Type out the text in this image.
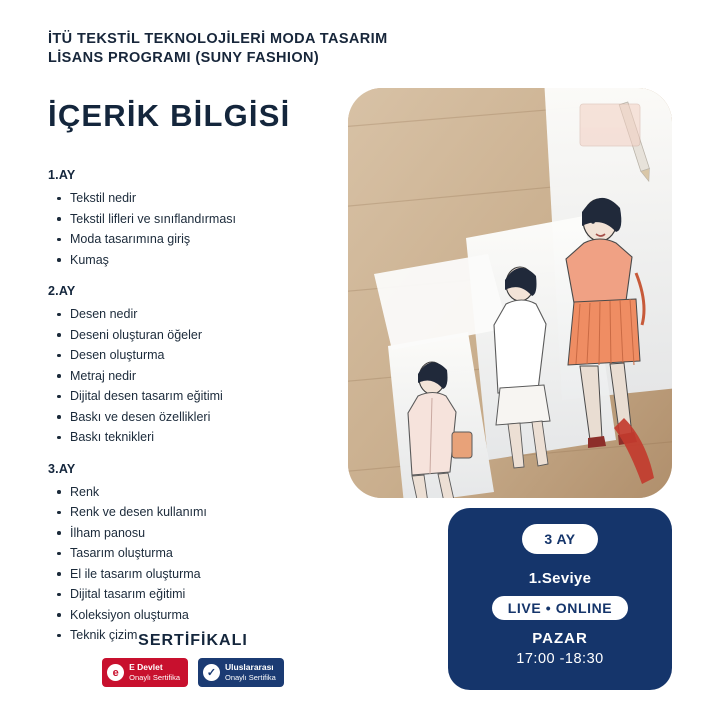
İTÜ TEKSTİL TEKNOLOJİLERİ MODA TASARIM
LİSANS PROGRAMI (SUNY FASHION)
İÇERİK BİLGİSİ
1.AY
Tekstil nedir
Tekstil lifleri ve sınıflandırması
Moda tasarımına giriş
Kumaş
2.AY
Desen nedir
Deseni oluşturan öğeler
Desen oluşturma
Metraj nedir
Dijital desen tasarım eğitimi
Baskı ve desen özellikleri
Baskı teknikleri
3.AY
Renk
Renk ve desen kullanımı
İlham panosu
Tasarım oluşturma
El ile tasarım oluşturma
Dijital tasarım eğitimi
Koleksiyon oluşturma
Teknik çizim SERTİFİKALI
e	E Devlet
Onaylı Sertifika	✓	Uluslararası
Onaylı Sertifika
3 AY
1.Seviye
LIVE • ONLINE
PAZAR
17:00 -18:30
